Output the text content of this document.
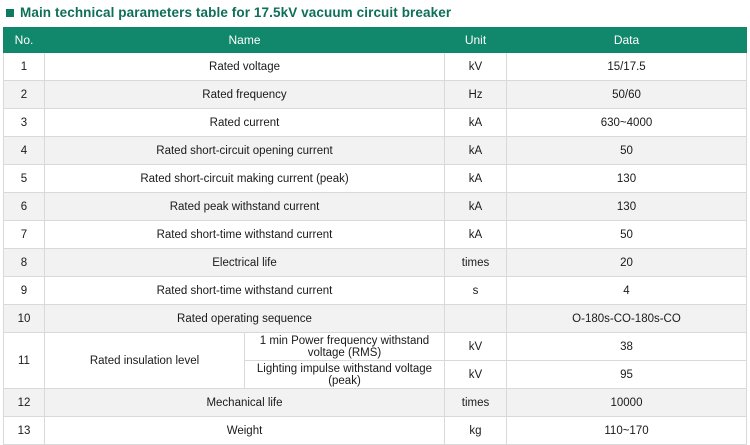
Main technical parameters table for 17.5kV vacuum circuit breaker
No.	Name		Unit	Data
1	Rated voltage		kV	15/17.5
2	Rated frequency		Hz	50/60
3	Rated current		kA	630~4000
4	Rated short-circuit opening current		kA	50
5	Rated short-circuit making current (peak)		kA	130
6	Rated peak withstand current		kA	130
7	Rated short-time withstand current		kA	50
8	Electrical life		times	20
9	Rated short-time withstand current		s	4
10	Rated operating sequence			O-180s-CO-180s-CO
11	Rated insulation level	1 min Power frequency withstand voltage (RMS)	kV	38
		Lighting impulse withstand voltage (peak)	kV	95
12	Mechanical life		times	10000
13	Weight		kg	110~170
